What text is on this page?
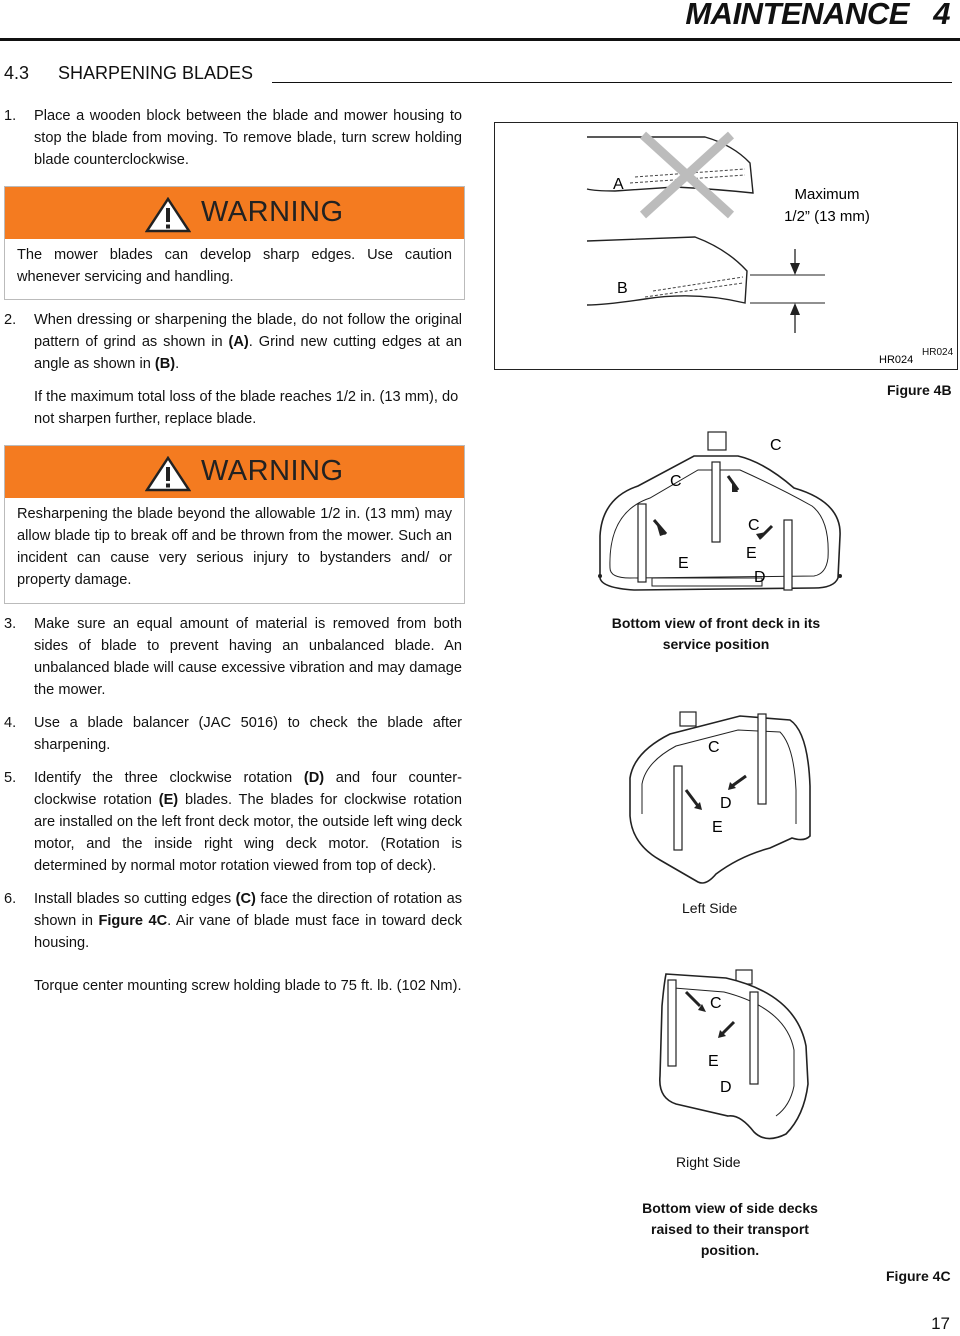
MAINTENANCE   4
4.3 SHARPENING BLADES
1. Place a wooden block between the blade and mower housing to stop the blade from moving. To remove blade, turn screw holding blade counterclockwise.
WARNING
The mower blades can develop sharp edges. Use caution whenever servicing and handling.
2. When dressing or sharpening the blade, do not follow the original pattern of grind as shown in (A). Grind new cutting edges at an angle as shown in (B).
If the maximum total loss of the blade reaches 1/2 in. (13 mm), do not sharpen further, replace blade.
WARNING
Resharpening the blade beyond the allowable 1/2 in. (13 mm) may allow blade tip to break off and be thrown from the mower. Such an incident can cause very serious injury to bystanders and/ or property damage.
3. Make sure an equal amount of material is removed from both sides of blade to prevent having an unbalanced blade. An unbalanced blade will cause excessive vibration and may damage the mower.
4. Use a blade balancer (JAC 5016) to check the blade after sharpening.
5. Identify the three clockwise rotation (D) and four counter-clockwise rotation (E) blades. The blades for clockwise rotation are installed on the left front deck motor, the outside left wing deck motor, and the inside right wing deck motor. (Rotation is determined by normal motor rotation viewed from top of deck).
6. Install blades so cutting edges (C) face the direction of rotation as shown in Figure 4C. Air vane of blade must face in toward deck housing.
Torque center mounting screw holding blade to 75 ft. lb. (102 Nm).
A
B
Maximum
1/2” (13 mm)
HR024
HR024
Figure 4B
C
C
C
E
E
D
Bottom view of front deck in its service position
C
D
E
Left Side
C
E
D
Right Side
Bottom view of side decks raised to their transport position.
Figure 4C
17
